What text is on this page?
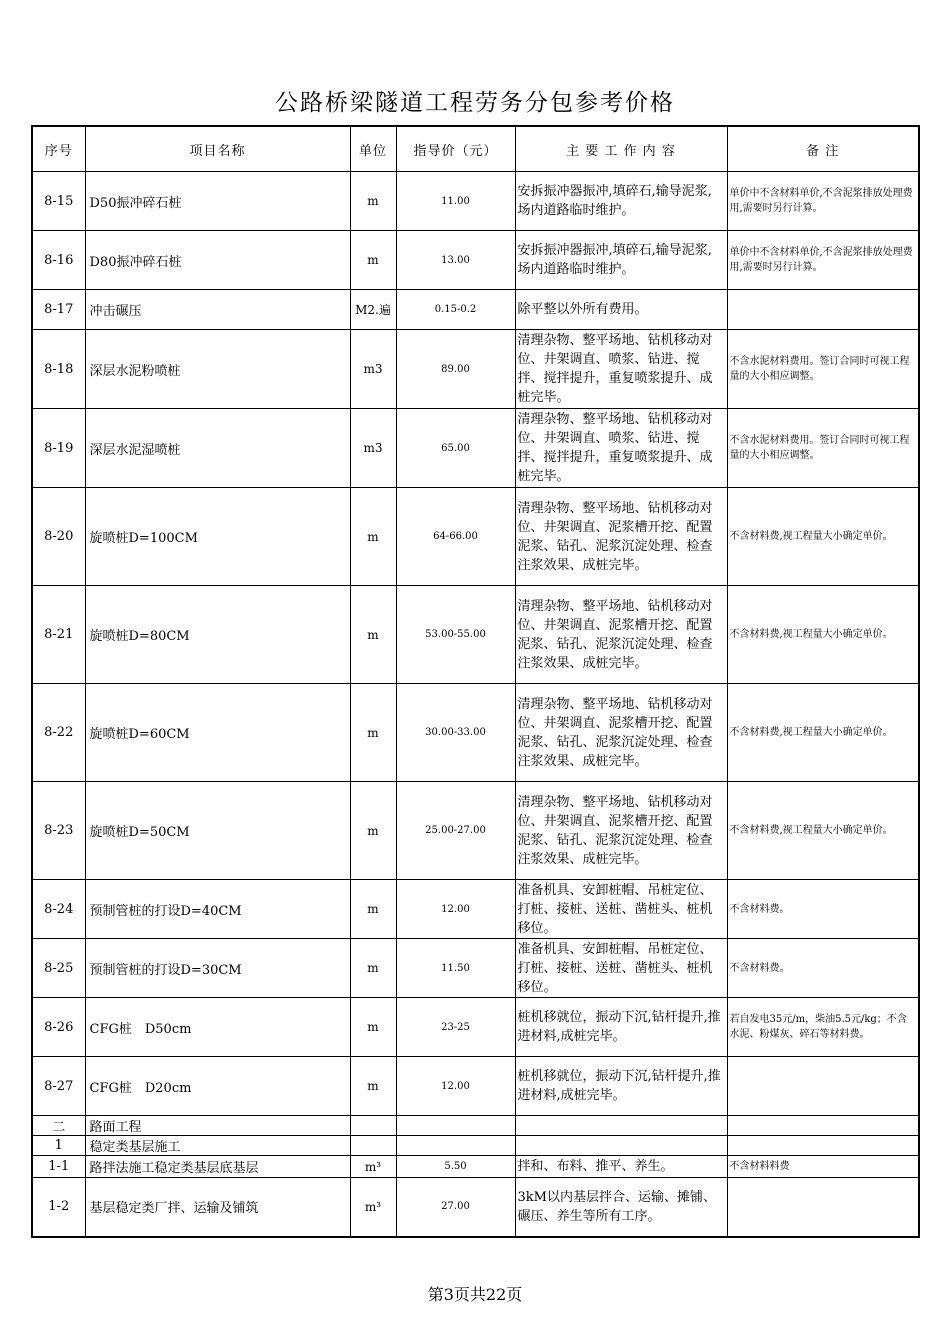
公路桥梁隧道工程劳务分包参考价格
序号	项目名称	单位	指导价（元）	主 要 工 作 内 容	备 注
8-15	D50振冲碎石桩	m	11.00	安拆振冲器振冲,填碎石,输导泥浆,场内道路临时维护。	单价中不含材料单价,不含泥浆排放处理费用,需要时另行计算。
8-16	D80振冲碎石桩	m	13.00	安拆振冲器振冲,填碎石,输导泥浆,场内道路临时维护。	单价中不含材料单价,不含泥浆排放处理费用,需要时另行计算。
8-17	冲击碾压	M2.遍	0.15-0.2	除平整以外所有费用。	
8-18	深层水泥粉喷桩	m3	89.00	清理杂物、整平场地、钻机移动对位、井架调直、喷浆、钻进、搅拌、搅拌提升，重复喷浆提升、成桩完毕。	不含水泥材料费用。签订合同时可视工程量的大小相应调整。
8-19	深层水泥湿喷桩	m3	65.00	清理杂物、整平场地、钻机移动对位、井架调直、喷浆、钻进、搅拌、搅拌提升，重复喷浆提升、成桩完毕。	不含水泥材料费用。签订合同时可视工程量的大小相应调整。
8-20	旋喷桩D=100CM	m	64-66.00	清理杂物、整平场地、钻机移动对位、井架调直、泥浆槽开挖、配置泥浆、钻孔、泥浆沉淀处理、检查注浆效果、成桩完毕。	不含材料费,视工程量大小确定单价。
8-21	旋喷桩D=80CM	m	53.00-55.00	清理杂物、整平场地、钻机移动对位、井架调直、泥浆槽开挖、配置泥浆、钻孔、泥浆沉淀处理、检查注浆效果、成桩完毕。	不含材料费,视工程量大小确定单价。
8-22	旋喷桩D=60CM	m	30.00-33.00	清理杂物、整平场地、钻机移动对位、井架调直、泥浆槽开挖、配置泥浆、钻孔、泥浆沉淀处理、检查注浆效果、成桩完毕。	不含材料费,视工程量大小确定单价。
8-23	旋喷桩D=50CM	m	25.00-27.00	清理杂物、整平场地、钻机移动对位、井架调直、泥浆槽开挖、配置泥浆、钻孔、泥浆沉淀处理、检查注浆效果、成桩完毕。	不含材料费,视工程量大小确定单价。
8-24	预制管桩的打设D=40CM	m	12.00	准备机具、安卸桩帽、吊桩定位、打桩、接桩、送桩、凿桩头、桩机移位。	不含材料费。
8-25	预制管桩的打设D=30CM	m	11.50	准备机具、安卸桩帽、吊桩定位、打桩、接桩、送桩、凿桩头、桩机移位。	不含材料费。
8-26	CFG桩　D50cm	m	23-25	桩机移就位，振动下沉,钻杆提升,推进材料,成桩完毕。	若自发电35元/m，柴油5.5元/kg；不含水泥、粉煤灰、碎石等材料费。
8-27	CFG桩　D20cm	m	12.00	桩机移就位，振动下沉,钻杆提升,推进材料,成桩完毕。	
二	路面工程				
1	稳定类基层施工				
1-1	路拌法施工稳定类基层底基层	m³	5.50	拌和、布料、推平、养生。	不含材料料费
1-2	基层稳定类厂拌、运输及铺筑	m³	27.00	3kM以内基层拌合、运输、摊铺、碾压、养生等所有工序。	
第3页共22页
